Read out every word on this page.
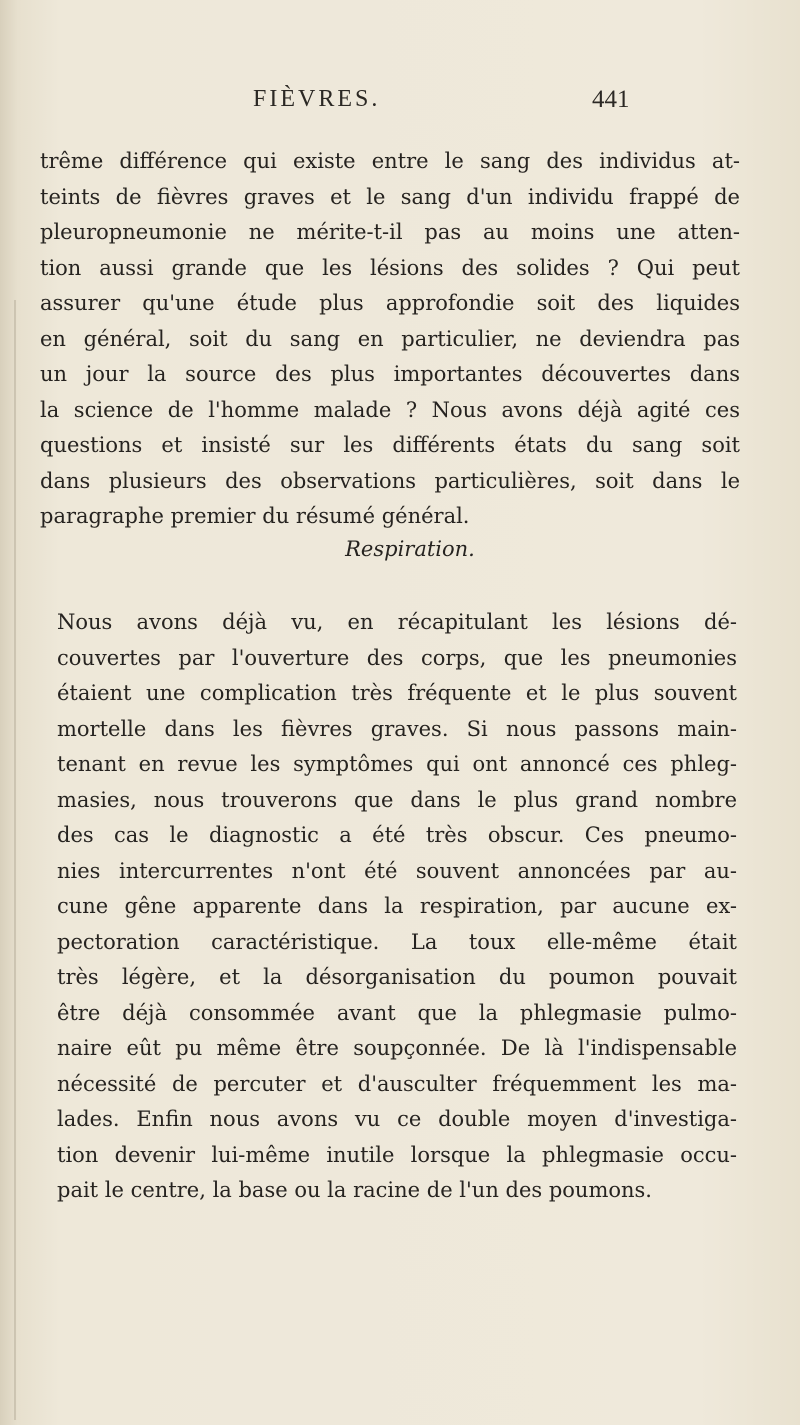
FIÈVRES.	441
trême différence qui existe entre le sang des individus at-
teints de fièvres graves et le sang d'un individu frappé de
pleuropneumonie ne mérite-t-il pas au moins une atten-
tion aussi grande que les lésions des solides ? Qui peut
assurer qu'une étude plus approfondie soit des liquides
en général, soit du sang en particulier, ne deviendra pas
un jour la source des plus importantes découvertes dans
la science de l'homme malade ? Nous avons déjà agité ces
questions et insisté sur les différents états du sang soit
dans plusieurs des observations particulières, soit dans le
paragraphe premier du résumé général.
Respiration.
Nous avons déjà vu, en récapitulant les lésions dé-
couvertes par l'ouverture des corps, que les pneumonies
étaient une complication très fréquente et le plus souvent
mortelle dans les fièvres graves. Si nous passons main-
tenant en revue les symptômes qui ont annoncé ces phleg-
masies, nous trouverons que dans le plus grand nombre
des cas le diagnostic a été très obscur. Ces pneumo-
nies intercurrentes n'ont été souvent annoncées par au-
cune gêne apparente dans la respiration, par aucune ex-
pectoration caractéristique. La toux elle-même était
très légère, et la désorganisation du poumon pouvait
être déjà consommée avant que la phlegmasie pulmo-
naire eût pu même être soupçonnée. De là l'indispensable
nécessité de percuter et d'ausculter fréquemment les ma-
lades. Enfin nous avons vu ce double moyen d'investiga-
tion devenir lui-même inutile lorsque la phlegmasie occu-
pait le centre, la base ou la racine de l'un des poumons.
